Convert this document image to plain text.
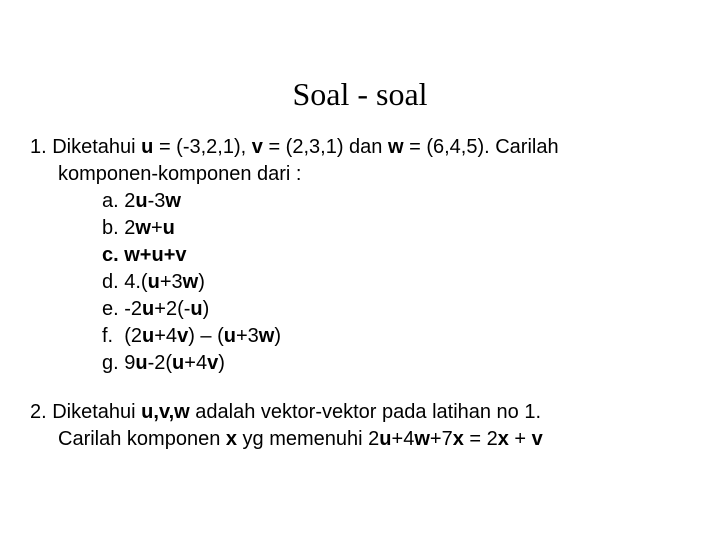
Soal - soal
1. Diketahui u = (-3,2,1), v = (2,3,1) dan w = (6,4,5). Carilah
komponen-komponen dari :
a. 2u-3w
b. 2w+u
c. w+u+v
d. 4.(u+3w)
e. -2u+2(-u)
f.  (2u+4v) – (u+3w)
g. 9u-2(u+4v)
2. Diketahui u,v,w adalah vektor-vektor pada latihan no 1.
Carilah komponen x yg memenuhi 2u+4w+7x = 2x + v
